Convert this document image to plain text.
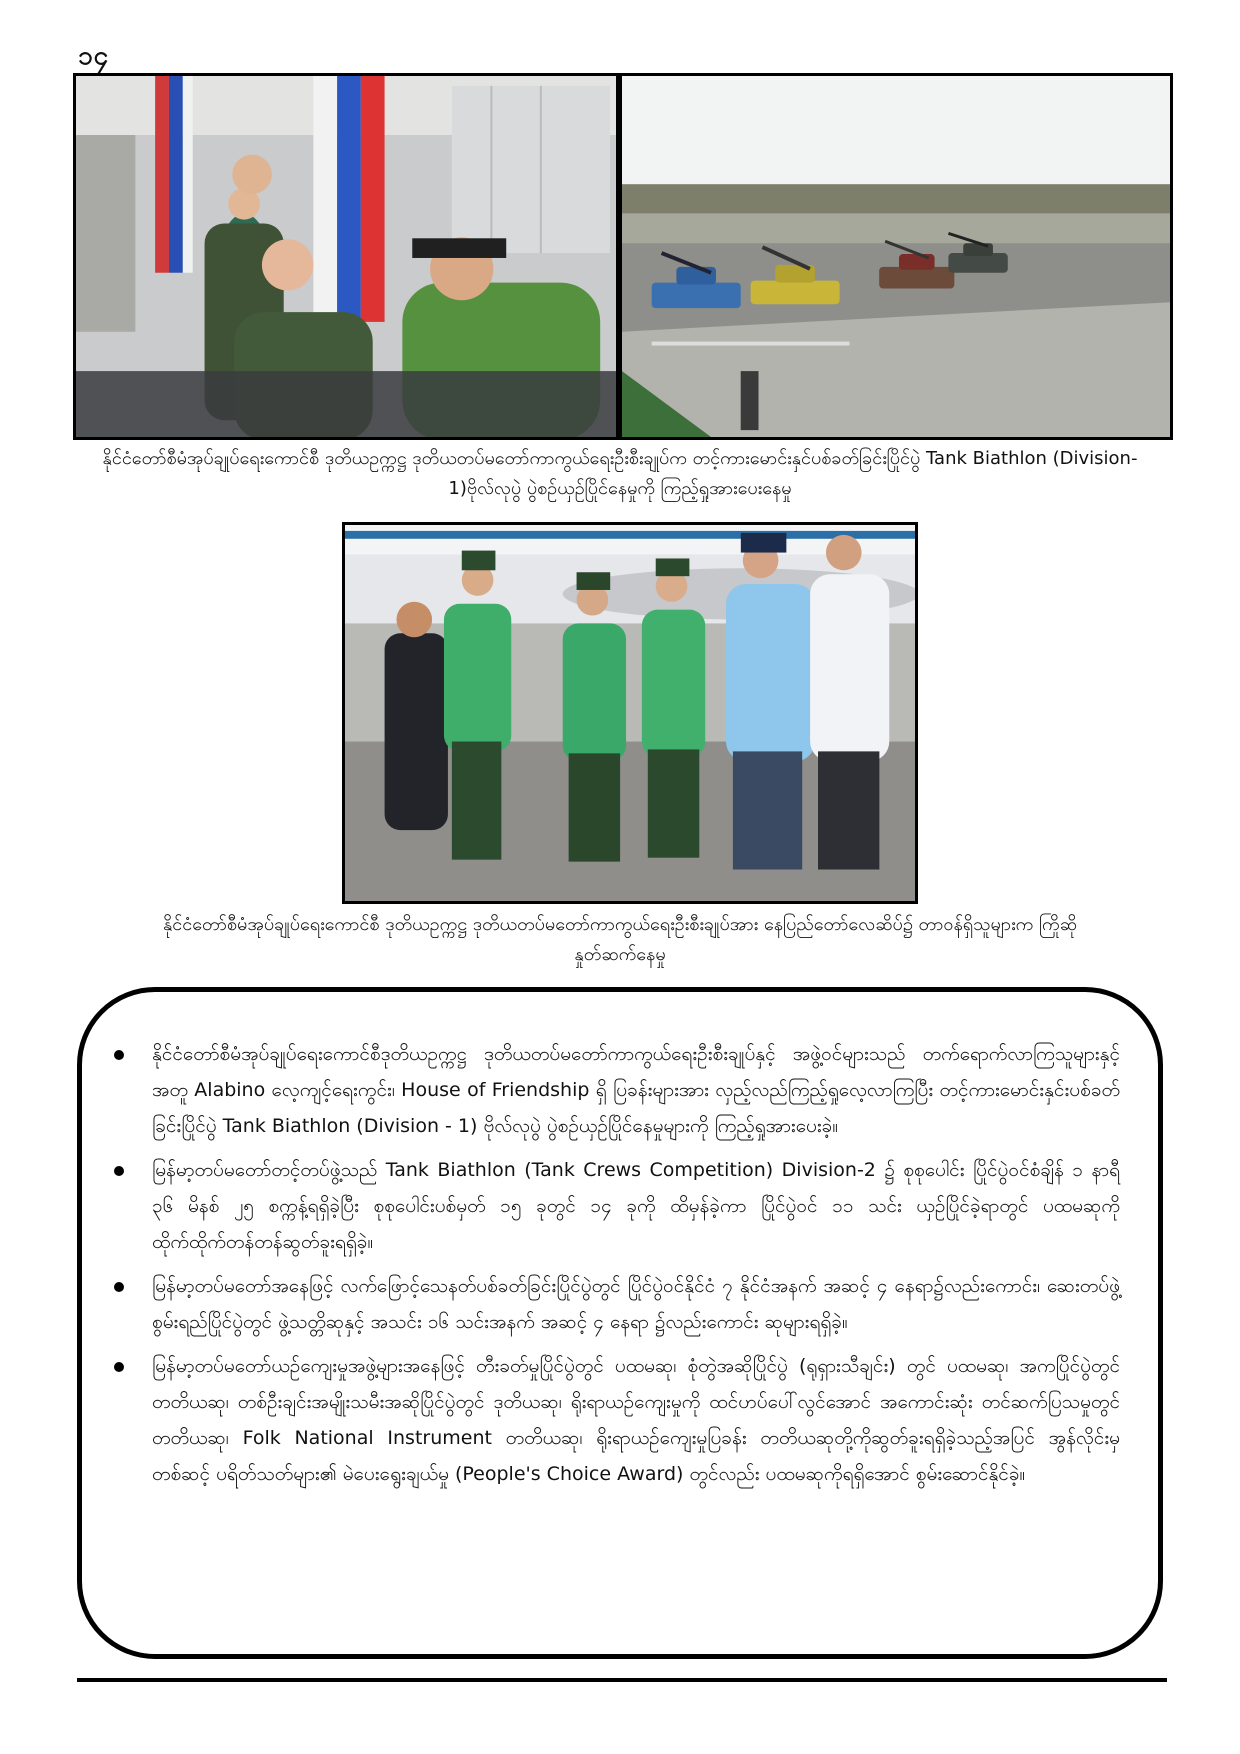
၁၄
နိုင်ငံတော်စီမံအုပ်ချုပ်ရေးကောင်စီ ဒုတိယဥက္ကဋ္ဌ ဒုတိယတပ်မတော်ကာကွယ်ရေးဦးစီးချုပ်က တင့်ကားမောင်းနှင်ပစ်ခတ်ခြင်းပြိုင်ပွဲ Tank Biathlon (Division-1)ဗိုလ်လုပွဲ ပွဲစဉ်ယှဉ်ပြိုင်နေမှုကို ကြည့်ရှုအားပေးနေမှု
နိုင်ငံတော်စီမံအုပ်ချုပ်ရေးကောင်စီ ဒုတိယဥက္ကဋ္ဌ ဒုတိယတပ်မတော်ကာကွယ်ရေးဦးစီးချုပ်အား နေပြည်တော်လေဆိပ်၌ တာဝန်ရှိသူများက ကြိုဆိုနှုတ်ဆက်နေမှု
နိုင်ငံတော်စီမံအုပ်ချုပ်ရေးကောင်စီဒုတိယဥက္ကဋ္ဌ ဒုတိယတပ်မတော်ကာကွယ်ရေးဦးစီးချုပ်နှင့် အဖွဲ့ဝင်များသည် တက်ရောက်လာကြသူများနှင့်အတူ Alabino လေ့ကျင့်ရေးကွင်း၊ House of Friendship ရှိ ပြခန်းများအား လှည့်လည်ကြည့်ရှုလေ့လာကြပြီး တင့်ကားမောင်းနှင်းပစ်ခတ်ခြင်းပြိုင်ပွဲ Tank Biathlon (Division - 1) ဗိုလ်လုပွဲ ပွဲစဉ်ယှဉ်ပြိုင်နေမှုများကို ကြည့်ရှုအားပေးခဲ့။
မြန်မာ့တပ်မတော်တင့်တပ်ဖွဲ့သည် Tank Biathlon (Tank Crews Competition) Division-2 ၌ စုစုပေါင်း ပြိုင်ပွဲဝင်စံချိန် ၁ နာရီ ၃၆ မိနစ် ၂၅ စက္ကန့်ရရှိခဲ့ပြီး စုစုပေါင်းပစ်မှတ် ၁၅ ခုတွင် ၁၄ ခုကို ထိမှန်ခဲ့ကာ ပြိုင်ပွဲဝင် ၁၁ သင်း ယှဉ်ပြိုင်ခဲ့ရာတွင် ပထမဆုကို ထိုက်ထိုက်တန်တန်ဆွတ်ခူးရရှိခဲ့။
မြန်မာ့တပ်မတော်အနေဖြင့် လက်ဖြောင့်သေနတ်ပစ်ခတ်ခြင်းပြိုင်ပွဲတွင် ပြိုင်ပွဲဝင်နိုင်ငံ ၇ နိုင်ငံအနက် အဆင့် ၄ နေရာ၌လည်းကောင်း၊ ဆေးတပ်ဖွဲ့စွမ်းရည်ပြိုင်ပွဲတွင် ဖွဲ့သတ္တိဆုနှင့် အသင်း ၁၆ သင်းအနက် အဆင့် ၄ နေရာ ၌လည်းကောင်း ဆုများရရှိခဲ့။
မြန်မာ့တပ်မတော်ယဉ်ကျေးမှုအဖွဲ့များအနေဖြင့် တီးခတ်မှုပြိုင်ပွဲတွင် ပထမဆု၊ စုံတွဲအဆိုပြိုင်ပွဲ (ရုရှားသီချင်း) တွင် ပထမဆု၊ အကပြိုင်ပွဲတွင် တတိယဆု၊ တစ်ဦးချင်းအမျိုးသမီးအဆိုပြိုင်ပွဲတွင် ဒုတိယဆု၊ ရိုးရာယဉ်ကျေးမှုကို ထင်ဟပ်ပေါ်လွင်အောင် အကောင်းဆုံး တင်ဆက်ပြသမှုတွင် တတိယဆု၊ Folk National Instrument တတိယဆု၊ ရိုးရာယဉ်ကျေးမှုပြခန်း တတိယဆုတို့ကိုဆွတ်ခူးရရှိခဲ့သည့်အပြင် အွန်လိုင်းမှတစ်ဆင့် ပရိတ်သတ်များ၏ မဲပေးရွေးချယ်မှု (People's Choice Award) တွင်လည်း ပထမဆုကိုရရှိအောင် စွမ်းဆောင်နိုင်ခဲ့။
